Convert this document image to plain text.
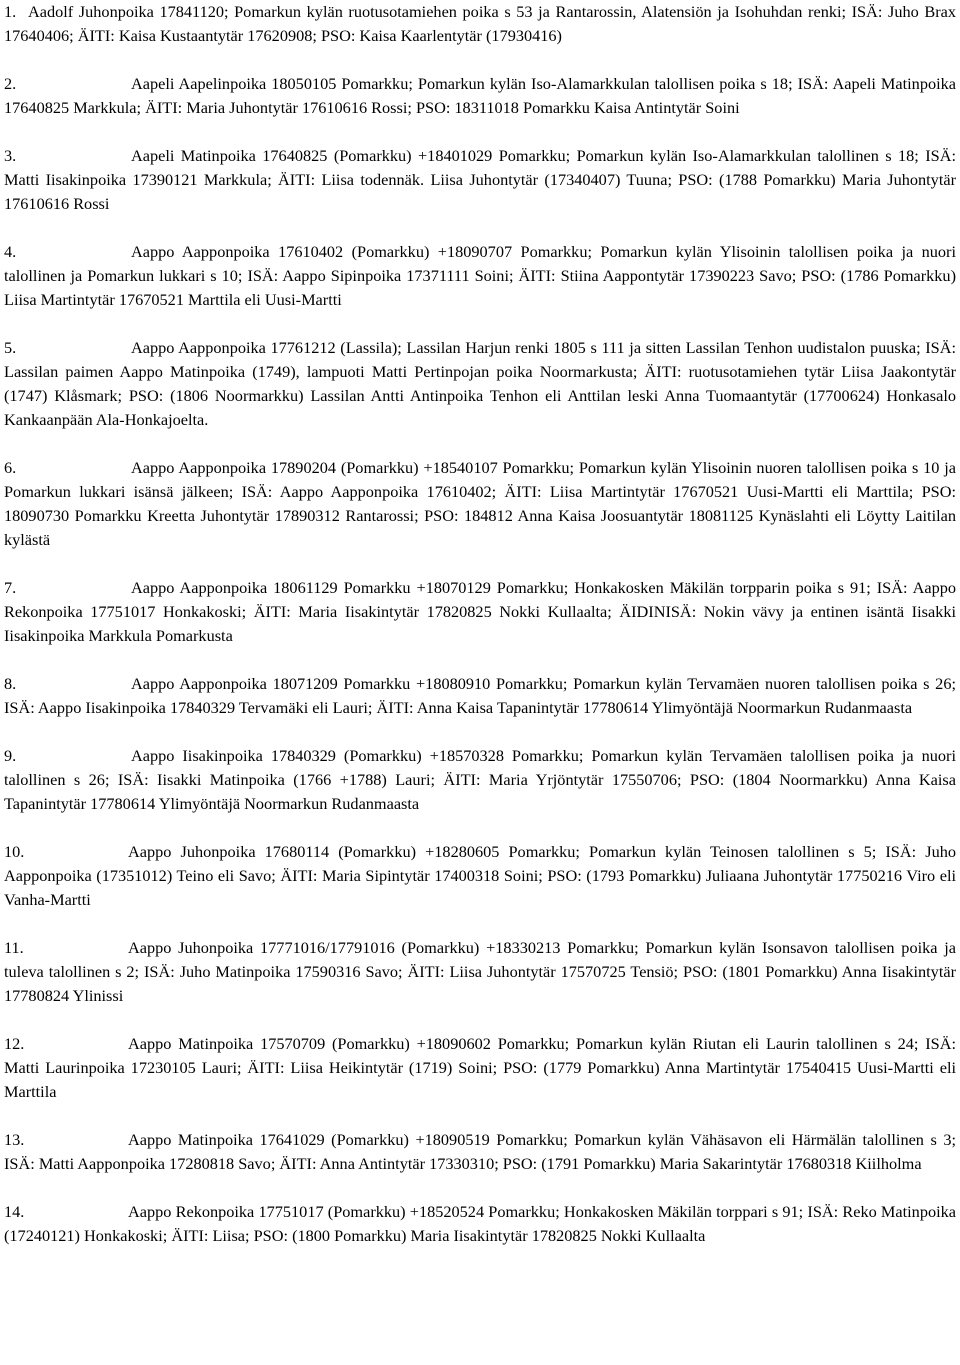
1. Aadolf Juhonpoika 17841120; Pomarkun kylän ruotusotamiehen poika s 53 ja Rantarossin, Alatensiön ja Isohuhdan renki; ISÄ: Juho Brax 17640406; ÄITI: Kaisa Kustaantytär 17620908; PSO: Kaisa Kaarlentytär (17930416)

2.	Aapeli Aapelinpoika 18050105 Pomarkku; Pomarkun kylän Iso-Alamarkkulan talollisen poika s 18; ISÄ: Aapeli Matinpoika 17640825 Markkula; ÄITI: Maria Juhontytär 17610616 Rossi; PSO: 18311018 Pomarkku Kaisa Antintytär Soini

3.	Aapeli Matinpoika 17640825 (Pomarkku) +18401029 Pomarkku; Pomarkun kylän Iso-Alamarkkulan talollinen s 18; ISÄ: Matti Iisakinpoika 17390121 Markkula; ÄITI: Liisa todennäk. Liisa Juhontytär (17340407) Tuuna; PSO: (1788 Pomarkku) Maria Juhontytär 17610616 Rossi

4.	Aappo Aapponpoika 17610402 (Pomarkku) +18090707 Pomarkku; Pomarkun kylän Ylisoinin talollisen poika ja nuori talollinen ja Pomarkun lukkari s 10; ISÄ: Aappo Sipinpoika 17371111 Soini; ÄITI: Stiina Aappontytär 17390223 Savo; PSO: (1786 Pomarkku) Liisa Martintytär 17670521 Marttila eli Uusi-Martti

5.	Aappo Aapponpoika 17761212 (Lassila); Lassilan Harjun renki 1805 s 111 ja sitten Lassilan Tenhon uudistalon puuska; ISÄ: Lassilan paimen Aappo Matinpoika (1749), lampuoti Matti Pertinpojan poika Noormarkusta; ÄITI: ruotusotamiehen tytär Liisa Jaakontytär (1747) Klåsmark; PSO: (1806 Noormarkku) Lassilan Antti Antinpoika Tenhon eli Anttilan leski Anna Tuomaantytär (17700624) Honkasalo Kankaanpään Ala-Honkajoelta.

6.	Aappo Aapponpoika 17890204 (Pomarkku) +18540107 Pomarkku; Pomarkun kylän Ylisoinin nuoren talollisen poika s 10 ja Pomarkun lukkari isänsä jälkeen; ISÄ: Aappo Aapponpoika 17610402; ÄITI: Liisa Martintytär 17670521 Uusi-Martti eli Marttila; PSO: 18090730 Pomarkku Kreetta Juhontytär 17890312 Rantarossi; PSO: 184812 Anna Kaisa Joosuantytär 18081125 Kynäslahti eli Löytty Laitilan kylästä

7.	Aappo Aapponpoika 18061129 Pomarkku +18070129 Pomarkku; Honkakosken Mäkilän torpparin poika s 91; ISÄ: Aappo Rekonpoika 17751017 Honkakoski; ÄITI: Maria Iisakintytär 17820825 Nokki Kullaalta; ÄIDINISÄ: Nokin vävy ja entinen isäntä Iisakki Iisakinpoika Markkula Pomarkusta

8.	Aappo Aapponpoika 18071209 Pomarkku +18080910 Pomarkku; Pomarkun kylän Tervamäen nuoren talollisen poika s 26; ISÄ: Aappo Iisakinpoika 17840329 Tervamäki eli Lauri; ÄITI: Anna Kaisa Tapanintytär 17780614 Ylimyöntäjä Noormarkun Rudanmaasta

9.	Aappo Iisakinpoika 17840329 (Pomarkku) +18570328 Pomarkku; Pomarkun kylän Tervamäen talollisen poika ja nuori talollinen s 26; ISÄ: Iisakki Matinpoika (1766 +1788) Lauri; ÄITI: Maria Yrjöntytär 17550706; PSO: (1804 Noormarkku) Anna Kaisa Tapanintytär 17780614 Ylimyöntäjä Noormarkun Rudanmaasta

10.	Aappo Juhonpoika 17680114 (Pomarkku) +18280605 Pomarkku; Pomarkun kylän Teinosen talollinen s 5; ISÄ: Juho Aapponpoika (17351012) Teino eli Savo; ÄITI: Maria Sipintytär 17400318 Soini; PSO: (1793 Pomarkku) Juliaana Juhontytär 17750216 Viro eli Vanha-Martti

11.	Aappo Juhonpoika 17771016/17791016 (Pomarkku) +18330213 Pomarkku; Pomarkun kylän Isonsavon talollisen poika ja tuleva talollinen s 2; ISÄ: Juho Matinpoika 17590316 Savo; ÄITI: Liisa Juhontytär 17570725 Tensiö; PSO: (1801 Pomarkku) Anna Iisakintytär 17780824 Ylinissi

12.	Aappo Matinpoika 17570709 (Pomarkku) +18090602 Pomarkku; Pomarkun kylän Riutan eli Laurin talollinen s 24; ISÄ: Matti Laurinpoika 17230105 Lauri; ÄITI: Liisa Heikintytär (1719) Soini; PSO: (1779 Pomarkku) Anna Martintytär 17540415 Uusi-Martti eli Marttila

13.	Aappo Matinpoika 17641029 (Pomarkku) +18090519 Pomarkku; Pomarkun kylän Vähäsavon eli Härmälän talollinen s 3; ISÄ: Matti Aapponpoika 17280818 Savo; ÄITI: Anna Antintytär 17330310; PSO: (1791 Pomarkku) Maria Sakarintytär 17680318 Kiilholma

14.	Aappo Rekonpoika 17751017 (Pomarkku) +18520524 Pomarkku; Honkakosken Mäkilän torppari s 91; ISÄ: Reko Matinpoika (17240121) Honkakoski; ÄITI: Liisa; PSO: (1800 Pomarkku) Maria Iisakintytär 17820825 Nokki Kullaalta
